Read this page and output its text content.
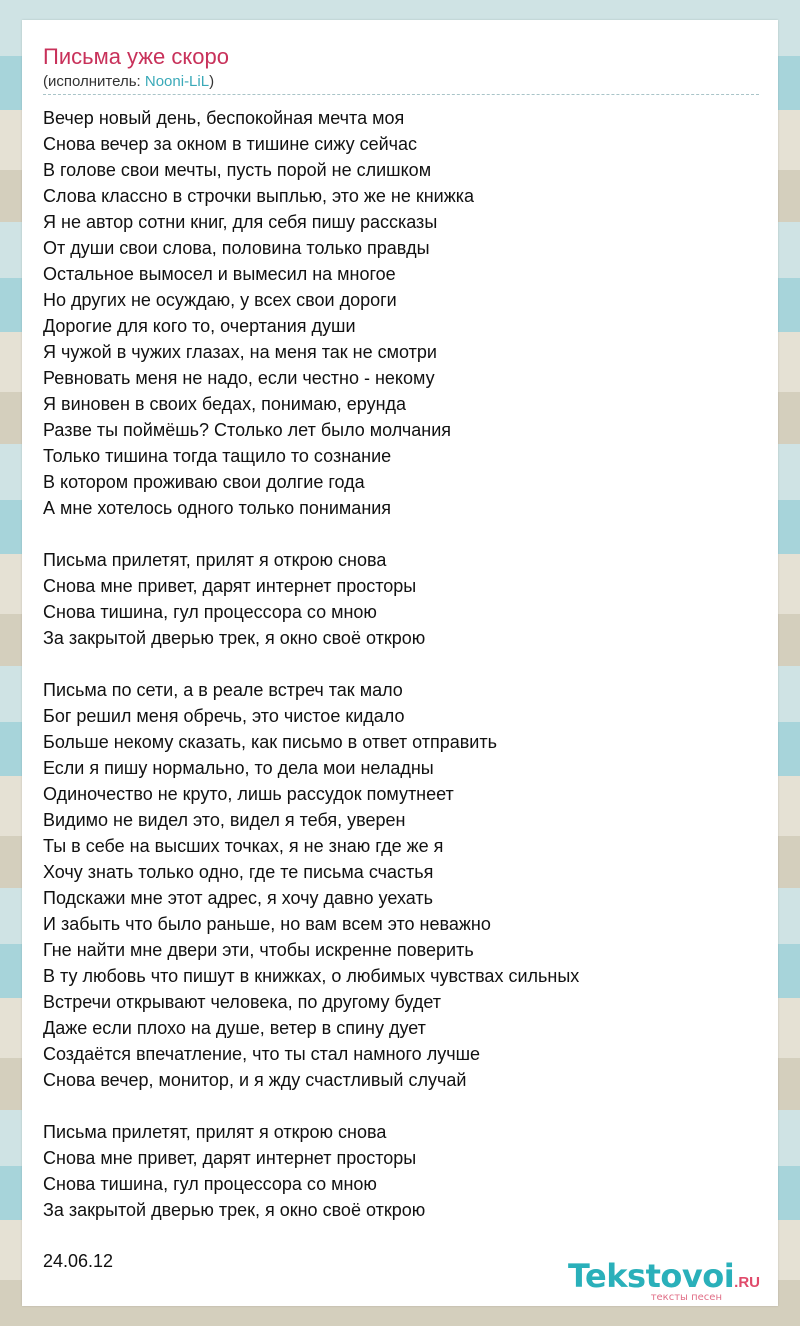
Письма уже скоро
(исполнитель: Nooni-LiL)
Вечер новый день, беспокойная мечта моя
Снова вечер за окном в тишине сижу сейчас
В голове свои мечты, пусть порой не слишком
Слова классно в строчки выплью, это же не книжка
Я не автор сотни книг, для себя пишу рассказы
От души свои слова, половина только правды
Остальное вымосел и вымесил на многое
Но других не осуждаю, у всех свои дороги
Дорогие для кого то, очертания души
Я чужой в чужих глазах, на меня так не смотри
Ревновать меня не надо, если честно - некому
Я виновен в своих бедах, понимаю, ерунда
Разве ты поймёшь? Столько лет было молчания
Только тишина тогда тащило то сознание
В котором проживаю свои долгие года
А мне хотелось одного только понимания
Письма прилетят, прилят я открою снова
Снова мне привет, дарят интернет просторы
Снова тишина, гул процессора со мною
За закрытой дверью трек, я окно своё открою
Письма по сети, а в реале встреч так мало
Бог решил меня обречь, это чистое кидало
Больше некому сказать, как письмо в ответ отправить
Если я пишу нормально, то дела мои неладны
Одиночество не круто, лишь рассудок помутнеет
Видимо не видел это, видел я тебя, уверен
Ты в себе на высших точках, я не знаю где же я
Хочу знать только одно, где те письма счастья
Подскажи мне этот адрес, я хочу давно уехать
И забыть что было раньше, но вам всем это неважно
Гне найти мне двери эти, чтобы искренне поверить
В ту любовь что пишут в книжках, о любимых чувствах сильных
Встречи открывают человека, по другому будет
Даже если плохо на душе, ветер в спину дует
Создаётся впечатление, что ты стал намного лучше
Снова вечер, монитор, и я жду счастливый случай
Письма прилетят, прилят я открою снова
Снова мне привет, дарят интернет просторы
Снова тишина, гул процессора со мною
За закрытой дверью трек, я окно своё открою
24.06.12	Tekstovoi.RU
тексты песен
